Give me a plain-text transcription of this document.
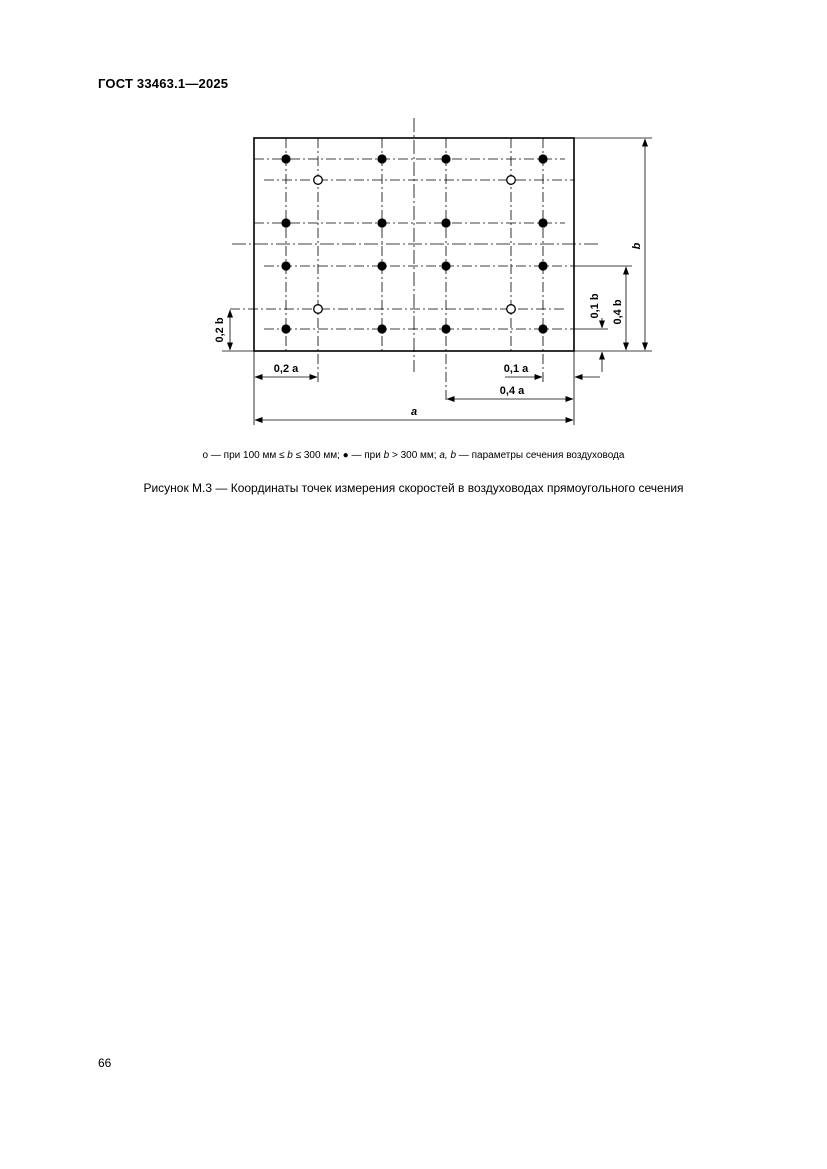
ГОСТ 33463.1—2025
b
0,4 b
0,1 b
0,2 b
0,2 a	0,1 a
0,4 a
a
о — при 100 мм ≤ b ≤ 300 мм; ● — при b > 300 мм; a, b — параметры сечения воздуховода
Рисунок М.3 — Координаты точек измерения скоростей в воздуховодах прямоугольного сечения
66
